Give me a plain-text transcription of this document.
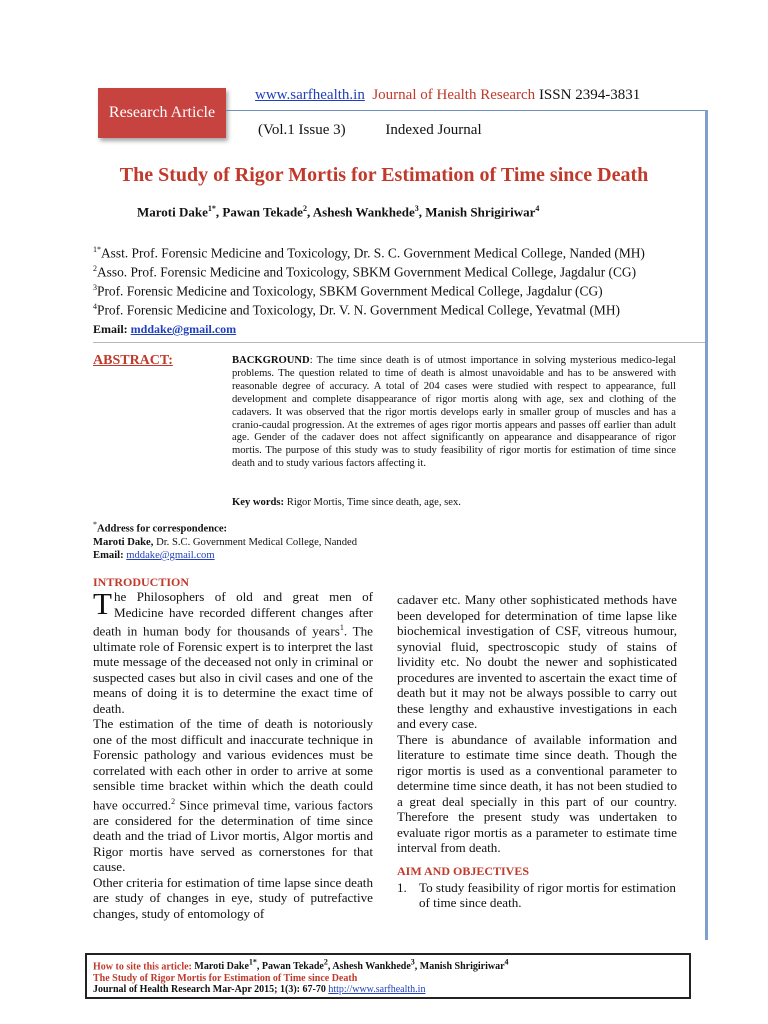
Research Article
www.sarfhealth.in Journal of Health Research ISSN 2394-3831
(Vol.1 Issue 3)	Indexed Journal
The Study of Rigor Mortis for Estimation of Time since Death
Maroti Dake$^{1*}$, Pawan Tekade$^2$, Ashesh Wankhede$^3$, Manish Shrigiriwar$^4$
$^{1*}$Asst. Prof. Forensic Medicine and Toxicology, Dr. S. C. Government Medical College, Nanded (MH)
$^2$Asso. Prof. Forensic Medicine and Toxicology, SBKM Government Medical College, Jagdalur (CG)
$^3$Prof. Forensic Medicine and Toxicology, SBKM Government Medical College, Jagdalur (CG)
$^4$Prof. Forensic Medicine and Toxicology, Dr. V. N. Government Medical College, Yevatmal (MH)
Email: mddake@gmail.com
ABSTRACT:	BACKGROUND: The time since death is of utmost importance in solving mysterious medico-legal problems. The question related to time of death is almost unavoidable and has to be answered with reasonable degree of accuracy. A total of 204 cases were studied with respect to appearance, full development and complete disappearance of rigor mortis along with age, sex and clothing of the cadavers. It was observed that the rigor mortis develops early in smaller group of muscles and has a cranio-caudal progression. At the extremes of ages rigor mortis appears and passes off earlier than adult age. Gender of the cadaver does not affect significantly on appearance and disappearance of rigor mortis. The purpose of this study was to study feasibility of rigor mortis for estimation of time since death and to study various factors affecting it.
Key words: Rigor Mortis, Time since death, age, sex.
*Address for correspondence:
Maroti Dake, Dr. S.C. Government Medical College, Nanded
Email: mddake@gmail.com
INTRODUCTION

The Philosophers of old and great men of Medicine have recorded different changes after death in human body for thousands of years$^1$. The ultimate role of Forensic expert is to interpret the last mute message of the deceased not only in criminal or suspected cases but also in civil cases and one of the means of doing it is to determine the exact time of death.

The estimation of the time of death is notoriously one of the most difficult and inaccurate technique in Forensic pathology and various evidences must be correlated with each other in order to arrive at some sensible time bracket within which the death could have occurred.$^2$ Since primeval time, various factors are considered for the determination of time since death and the triad of Livor mortis, Algor mortis and Rigor mortis have served as cornerstones for that cause.

Other criteria for estimation of time lapse since death are study of changes in eye, study of putrefactive changes, study of entomology of

cadaver etc. Many other sophisticated methods have been developed for determination of time lapse like biochemical investigation of CSF, vitreous humour, synovial fluid, spectroscopic study of stains of lividity etc. No doubt the newer and sophisticated procedures are invented to ascertain the exact time of death but it may not be always possible to carry out these lengthy and exhaustive investigations in each and every case.

There is abundance of available information and literature to estimate time since death. Though the rigor mortis is used as a conventional parameter to determine time since death, it has not been studied to a great deal specially in this part of our country. Therefore the present study was undertaken to evaluate rigor mortis as a parameter to estimate time interval from death.

AIM AND OBJECTIVES
1. To study feasibility of rigor mortis for estimation of time since death.
How to site this article: Maroti Dake$^{1*}$, Pawan Tekade$^2$, Ashesh Wankhede$^3$, Manish Shrigiriwar$^4$
The Study of Rigor Mortis for Estimation of Time since Death
Journal of Health Research Mar-Apr 2015; 1(3): 67-70 http://www.sarfhealth.in
